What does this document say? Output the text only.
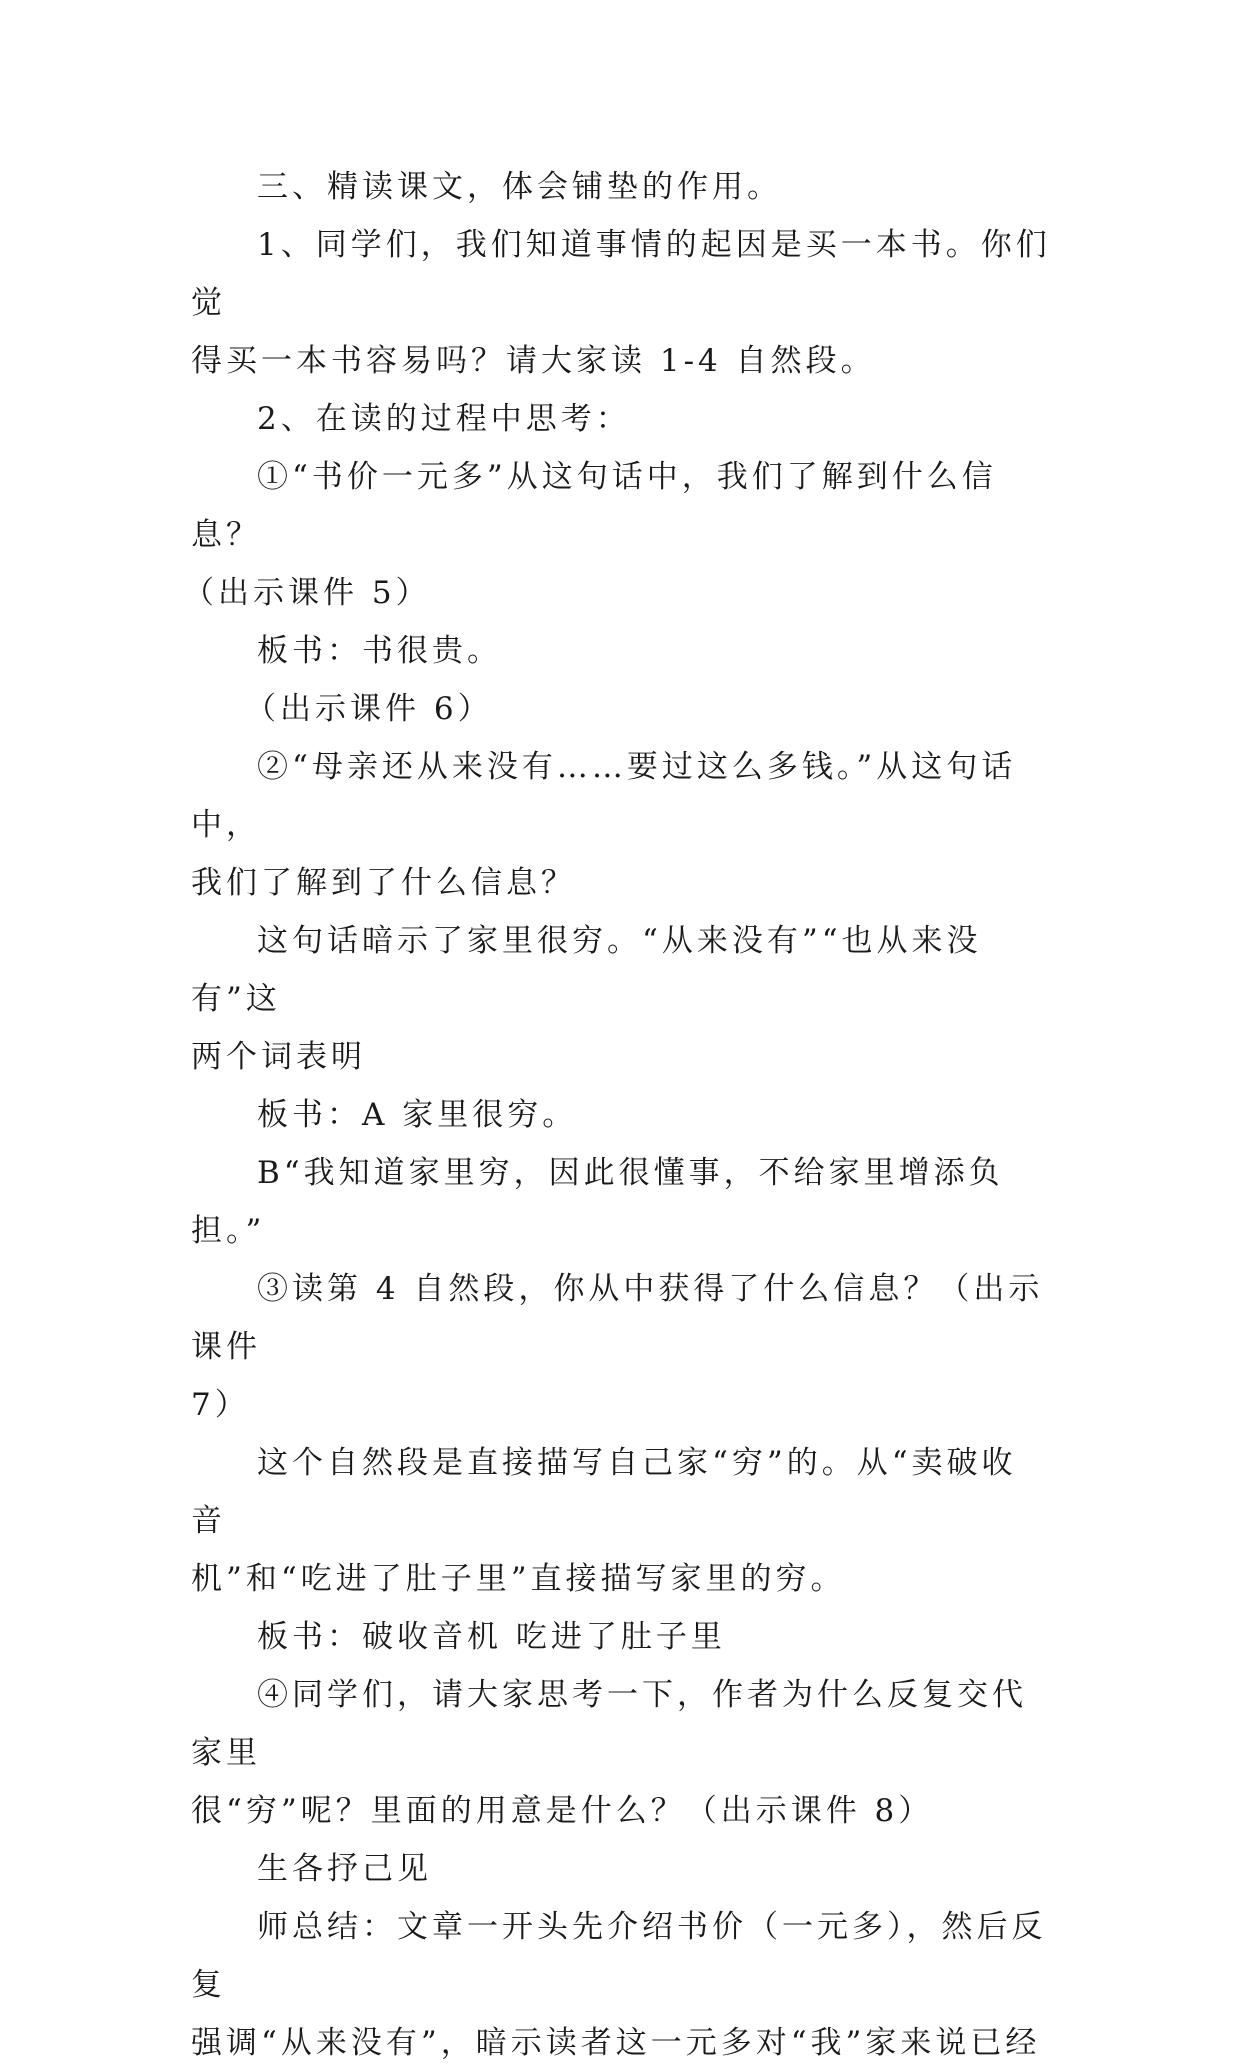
三、精读课文，体会铺垫的作用。
1、同学们，我们知道事情的起因是买一本书。你们觉
得买一本书容易吗？请大家读 1-4 自然段。
2、在读的过程中思考：
①“书价一元多”从这句话中，我们了解到什么信息？
（出示课件 5）
板书：书很贵。
（出示课件 6）
②“母亲还从来没有……要过这么多钱。”从这句话中，
我们了解到了什么信息？
这句话暗示了家里很穷。“从来没有”“也从来没有”这
两个词表明
板书：A 家里很穷。
B“我知道家里穷，因此很懂事，不给家里增添负担。”
③读第 4 自然段，你从中获得了什么信息？（出示课件
7）
这个自然段是直接描写自己家“穷”的。从“卖破收音
机”和“吃进了肚子里”直接描写家里的穷。
板书：破收音机 吃进了肚子里
④同学们，请大家思考一下，作者为什么反复交代家里
很“穷”呢？里面的用意是什么？（出示课件 8）
生各抒己见
师总结：文章一开头先介绍书价（一元多），然后反复
强调“从来没有”，暗示读者这一元多对“我”家来说已经
